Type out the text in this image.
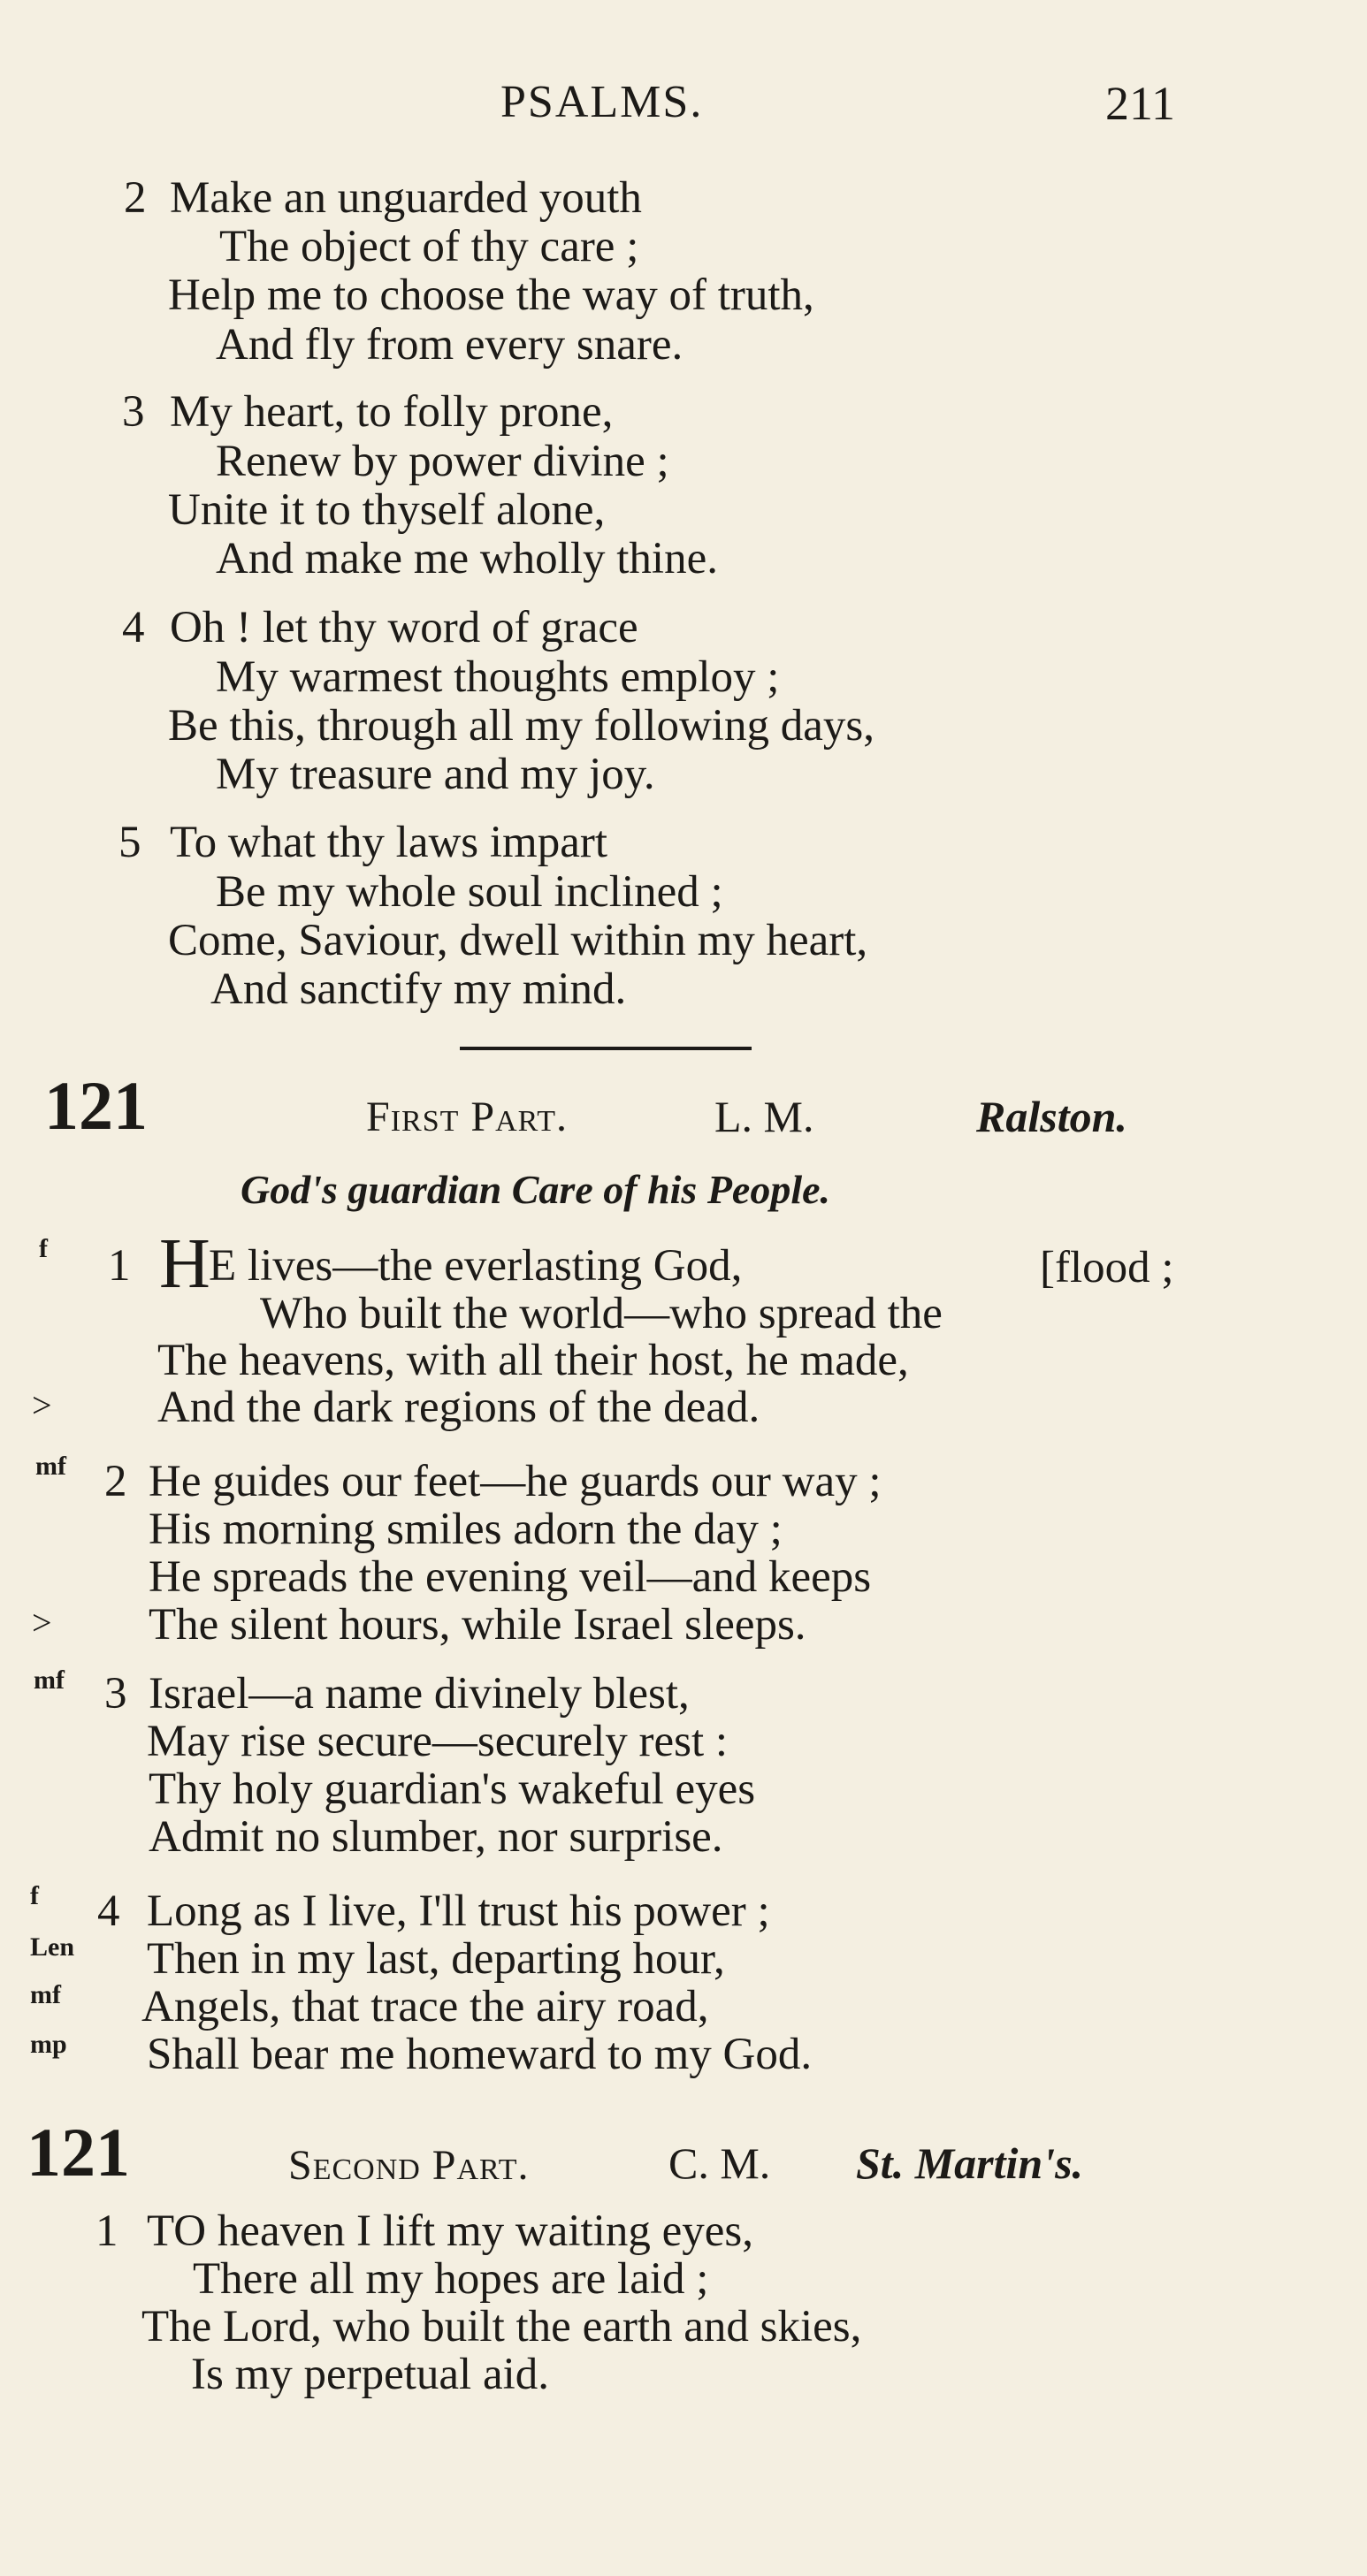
PSALMS.	211
2 Make an unguarded youth
The object of thy care ;
Help me to choose the way of truth,
And fly from every snare.
3 My heart, to folly prone,
Renew by power divine ;
Unite it to thyself alone,
And make me wholly thine.
4 Oh ! let thy word of grace
My warmest thoughts employ ;
Be this, through all my following days,
My treasure and my joy.
5 To what thy laws impart
Be my whole soul inclined ;
Come, Saviour, dwell within my heart,
And sanctify my mind.
121	First Part.	L. M.	Ralston.
God's guardian Care of his People.
f 1 H
E lives—the everlasting God,	[flood ;
Who built the world—who spread the
The heavens, with all their host, he made,
> And the dark regions of the dead.
mf 2 He guides our feet—he guards our way ;
His morning smiles adorn the day ;
He spreads the evening veil—and keeps
> The silent hours, while Israel sleeps.
mf 3 Israel—a name divinely blest,
May rise secure—securely rest :
Thy holy guardian's wakeful eyes
Admit no slumber, nor surprise.
f 4 Long as I live, I'll trust his power ;
Len Then in my last, departing hour,
mf Angels, that trace the airy road,
mp Shall bear me homeward to my God.
121	Second Part.	C. M. St. Martin's.
1 TO heaven I lift my waiting eyes,
There all my hopes are laid ;
The Lord, who built the earth and skies,
Is my perpetual aid.
